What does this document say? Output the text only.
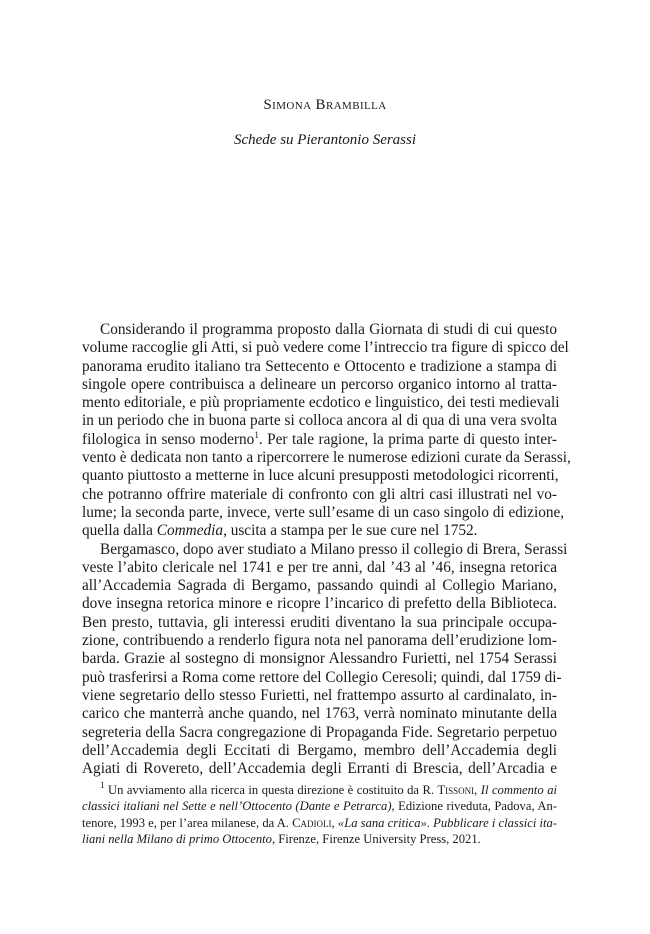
Simona Brambilla

Schede su Pierantonio Serassi

Considerando il programma proposto dalla Giornata di studi di cui questo
volume raccoglie gli Atti, si può vedere come l’intreccio tra figure di spicco del
panorama erudito italiano tra Settecento e Ottocento e tradizione a stampa di
singole opere contribuisca a delineare un percorso organico intorno al tratta-
mento editoriale, e più propriamente ecdotico e linguistico, dei testi medievali
in un periodo che in buona parte si colloca ancora al di qua di una vera svolta
filologica in senso moderno$^1$. Per tale ragione, la prima parte di questo inter-
vento è dedicata non tanto a ripercorrere le numerose edizioni curate da Serassi,
quanto piuttosto a metterne in luce alcuni presupposti metodologici ricorrenti,
che potranno offrire materiale di confronto con gli altri casi illustrati nel vo-
lume; la seconda parte, invece, verte sull’esame di un caso singolo di edizione,
quella dalla Commedia, uscita a stampa per le sue cure nel 1752.
Bergamasco, dopo aver studiato a Milano presso il collegio di Brera, Serassi
veste l’abito clericale nel 1741 e per tre anni, dal ’43 al ’46, insegna retorica
all’Accademia Sagrada di Bergamo, passando quindi al Collegio Mariano,
dove insegna retorica minore e ricopre l’incarico di prefetto della Biblioteca.
Ben presto, tuttavia, gli interessi eruditi diventano la sua principale occupa-
zione, contribuendo a renderlo figura nota nel panorama dell’erudizione lom-
barda. Grazie al sostegno di monsignor Alessandro Furietti, nel 1754 Serassi
può trasferirsi a Roma come rettore del Collegio Ceresoli; quindi, dal 1759 di-
viene segretario dello stesso Furietti, nel frattempo assurto al cardinalato, in-
carico che manterrà anche quando, nel 1763, verrà nominato minutante della
segreteria della Sacra congregazione di Propaganda Fide. Segretario perpetuo
dell’Accademia degli Eccitati di Bergamo, membro dell’Accademia degli
Agiati di Rovereto, dell’Accademia degli Erranti di Brescia, dell’Arcadia e
$^1$ Un avviamento alla ricerca in questa direzione è costituito da R. Tissoni, Il commento ai
classici italiani nel Sette e nell’Ottocento (Dante e Petrarca), Edizione riveduta, Padova, An-
tenore, 1993 e, per l’area milanese, da A. Cadioli, «La sana critica». Pubblicare i classici ita-
liani nella Milano di primo Ottocento, Firenze, Firenze University Press, 2021.
